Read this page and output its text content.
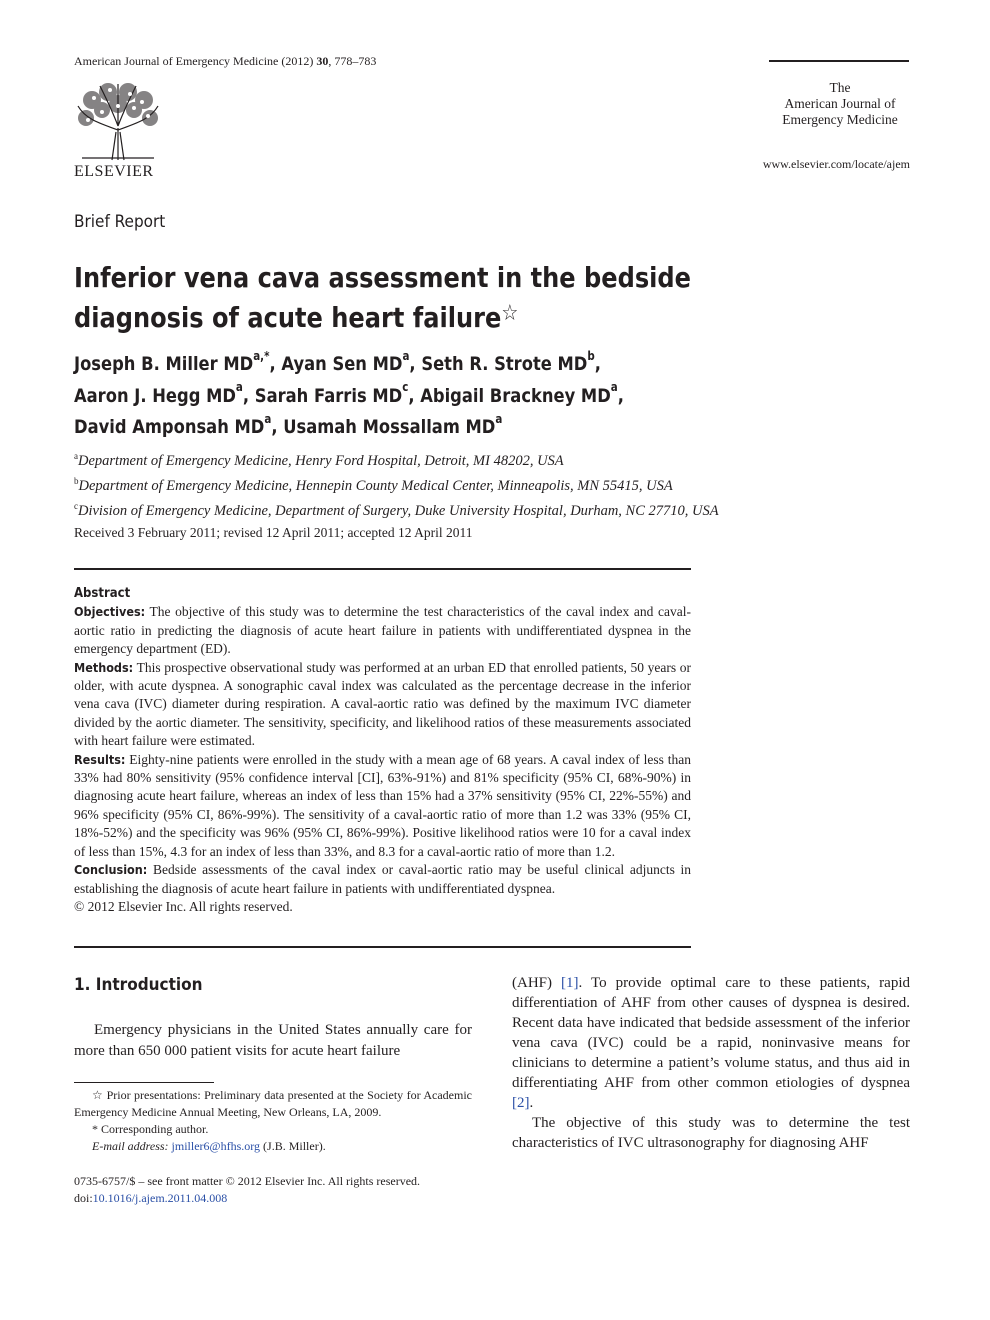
American Journal of Emergency Medicine (2012) 30, 778–783
ELSEVIER
The
American Journal of
Emergency Medicine
www.elsevier.com/locate/ajem
Brief Report
Inferior vena cava assessment in the bedside diagnosis of acute heart failure☆
Joseph B. Miller $MD^{a,*}$, Ayan Sen $MD^a$, Seth R. Strote $MD^b$,
Aaron J. Hegg $MD^a$, Sarah Farris $MD^c$, Abigail Brackney $MD^a$,
David Amponsah $MD^a$, Usamah Mossallam $MD^a$
$^a$Department of Emergency Medicine, Henry Ford Hospital, Detroit, MI 48202, USA
$^b$Department of Emergency Medicine, Hennepin County Medical Center, Minneapolis, MN 55415, USA
$^c$Division of Emergency Medicine, Department of Surgery, Duke University Hospital, Durham, NC 27710, USA
Received 3 February 2011; revised 12 April 2011; accepted 12 April 2011
Abstract

Objectives: The objective of this study was to determine the test characteristics of the caval index and caval-aortic ratio in predicting the diagnosis of acute heart failure in patients with undifferentiated dyspnea in the emergency department (ED).

Methods: This prospective observational study was performed at an urban ED that enrolled patients, 50 years or older, with acute dyspnea. A sonographic caval index was calculated as the percentage decrease in the inferior vena cava (IVC) diameter during respiration. A caval-aortic ratio was defined by the maximum IVC diameter divided by the aortic diameter. The sensitivity, specificity, and likelihood ratios of these measurements associated with heart failure were estimated.

Results: Eighty-nine patients were enrolled in the study with a mean age of 68 years. A caval index of less than 33% had 80% sensitivity (95% confidence interval [CI], 63%-91%) and 81% specificity (95% CI, 68%-90%) in diagnosing acute heart failure, whereas an index of less than 15% had a 37% sensitivity (95% CI, 22%-55%) and 96% specificity (95% CI, 86%-99%). The sensitivity of a caval-aortic ratio of more than 1.2 was 33% (95% CI, 18%-52%) and the specificity was 96% (95% CI, 86%-99%). Positive likelihood ratios were 10 for a caval index of less than 15%, 4.3 for an index of less than 33%, and 8.3 for a caval-aortic ratio of more than 1.2.

Conclusion: Bedside assessments of the caval index or caval-aortic ratio may be useful clinical adjuncts in establishing the diagnosis of acute heart failure in patients with undifferentiated dyspnea.

© 2012 Elsevier Inc. All rights reserved.

1. Introduction
Emergency physicians in the United States annually care for more than 650 000 patient visits for acute heart failure

☆ Prior presentations: Preliminary data presented at the Society for Academic Emergency Medicine Annual Meeting, New Orleans, LA, 2009.

* Corresponding author.

E-mail address: jmiller6@hfhs.org (J.B. Miller).

0735-6757/$ – see front matter © 2012 Elsevier Inc. All rights reserved.
doi:10.1016/j.ajem.2011.04.008

(AHF) [1]. To provide optimal care to these patients, rapid differentiation of AHF from other causes of dyspnea is desired. Recent data have indicated that bedside assessment of the inferior vena cava (IVC) could be a rapid, noninvasive means for clinicians to determine a patient’s volume status, and thus aid in differentiating AHF from other common etiologies of dyspnea [2].

The objective of this study was to determine the test characteristics of IVC ultrasonography for diagnosing AHF
